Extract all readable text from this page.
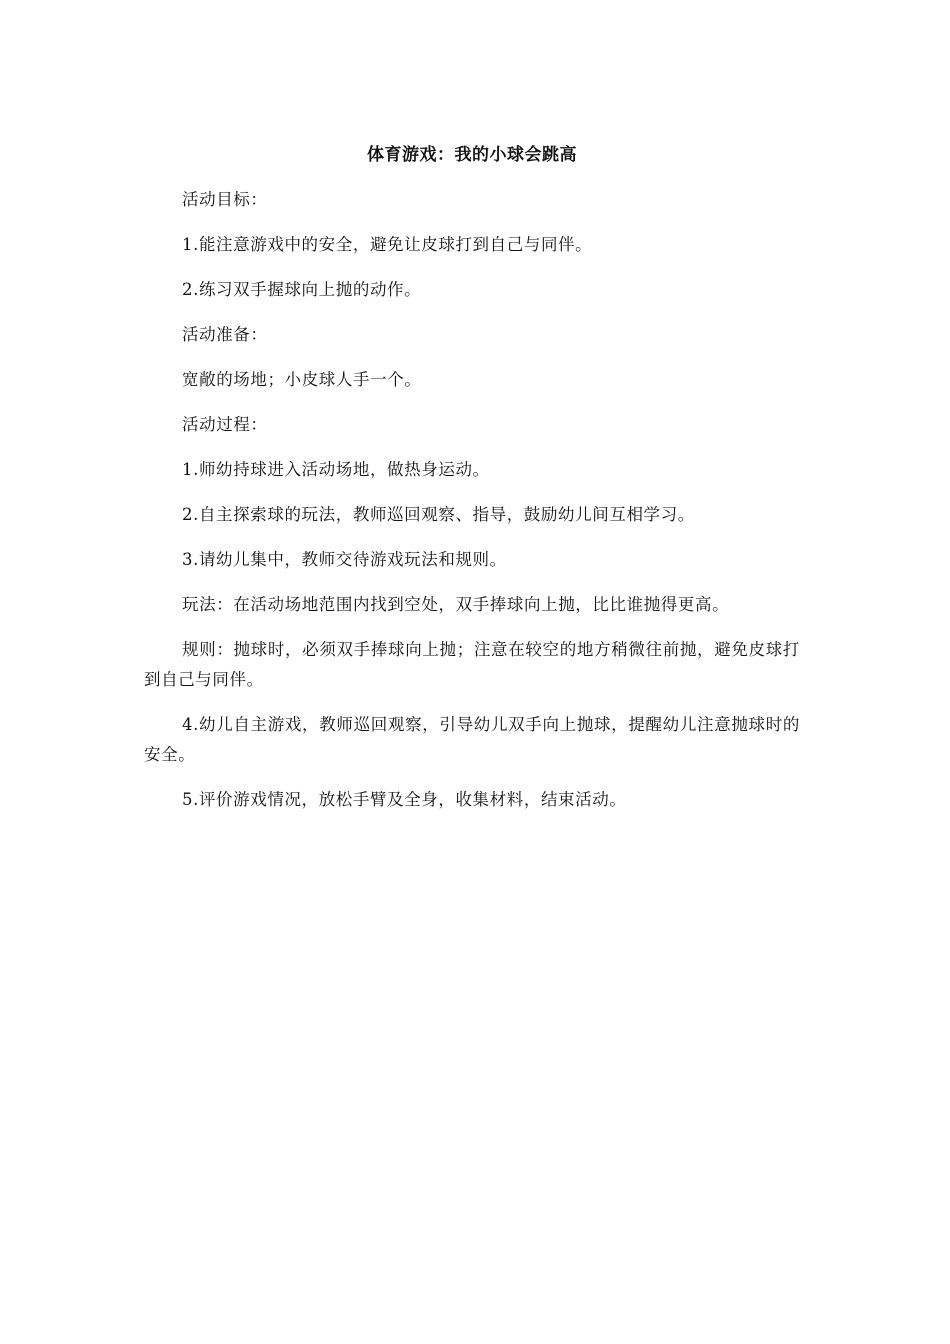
体育游戏：我的小球会跳高

活动目标：

1.能注意游戏中的安全，避免让皮球打到自己与同伴。

2.练习双手握球向上抛的动作。

活动准备：

宽敞的场地；小皮球人手一个。

活动过程：

1.师幼持球进入活动场地，做热身运动。

2.自主探索球的玩法，教师巡回观察、指导，鼓励幼儿间互相学习。

3.请幼儿集中，教师交待游戏玩法和规则。

玩法：在活动场地范围内找到空处，双手捧球向上抛，比比谁抛得更高。

规则：抛球时，必须双手捧球向上抛；注意在较空的地方稍微往前抛，避免皮球打到自己与同伴。

4.幼儿自主游戏，教师巡回观察，引导幼儿双手向上抛球，提醒幼儿注意抛球时的安全。

5.评价游戏情况，放松手臂及全身，收集材料，结束活动。
